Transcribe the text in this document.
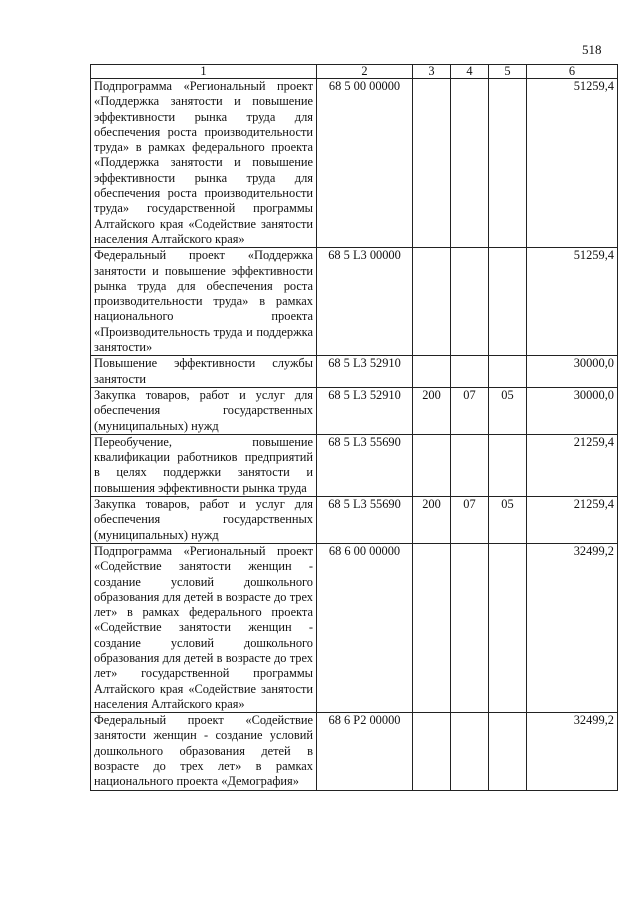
518
1	2	3	4	5	6
Подпрограмма «Региональный проект «Поддержка занятости и повышение эффективности рынка труда для обеспечения роста производительности труда» в рамках федерального проекта «Поддержка занятости и повышение эффективности рынка труда для обеспечения роста производительности труда» государственной программы Алтайского края «Содействие занятости населения Алтайского края»	68 5 00 00000				51259,4
Федеральный проект «Поддержка занятости и повышение эффективности рынка труда для обеспечения роста производительности труда» в рамках национального проекта «Производительность труда и поддержка занятости»	68 5 L3 00000				51259,4
Повышение эффективности службы занятости	68 5 L3 52910				30000,0
Закупка товаров, работ и услуг для обеспечения государственных (муниципальных) нужд	68 5 L3 52910	200	07	05	30000,0
Переобучение, повышение квалификации работников предприятий в целях поддержки занятости и повышения эффективности рынка труда	68 5 L3 55690				21259,4
Закупка товаров, работ и услуг для обеспечения государственных (муниципальных) нужд	68 5 L3 55690	200	07	05	21259,4
Подпрограмма «Региональный проект «Содействие занятости женщин - создание условий дошкольного образования для детей в возрасте до трех лет» в рамках федерального проекта «Содействие занятости женщин - создание условий дошкольного образования для детей в возрасте до трех лет» государственной программы Алтайского края «Содействие занятости населения Алтайского края»	68 6 00 00000				32499,2
Федеральный проект «Содействие занятости женщин - создание условий дошкольного образования детей в возрасте до трех лет» в рамках национального проекта «Демография»	68 6 P2 00000				32499,2
